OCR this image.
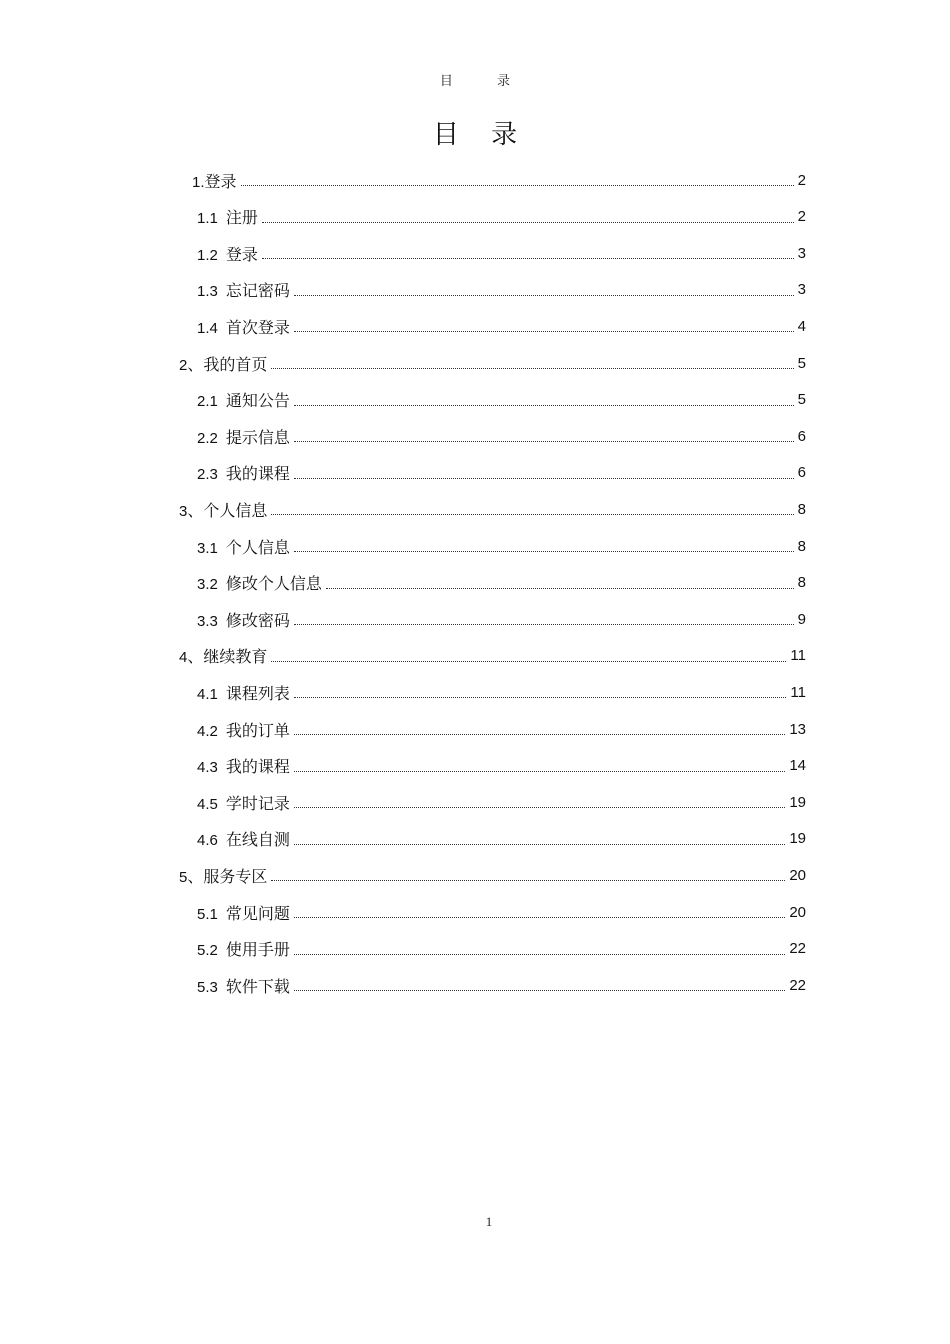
目 录
目 录
1.登录	2
1.1 注册	2
1.2 登录	3
1.3 忘记密码	3
1.4 首次登录	4
2、我的首页	5
2.1 通知公告	5
2.2 提示信息	6
2.3 我的课程	6
3、个人信息	8
3.1 个人信息	8
3.2 修改个人信息	8
3.3 修改密码	9
4、继续教育	11
4.1 课程列表	11
4.2 我的订单	13
4.3 我的课程	14
4.5 学时记录	19
4.6 在线自测	19
5、服务专区	20
5.1 常见问题	20
5.2 使用手册	22
5.3 软件下载	22
1
